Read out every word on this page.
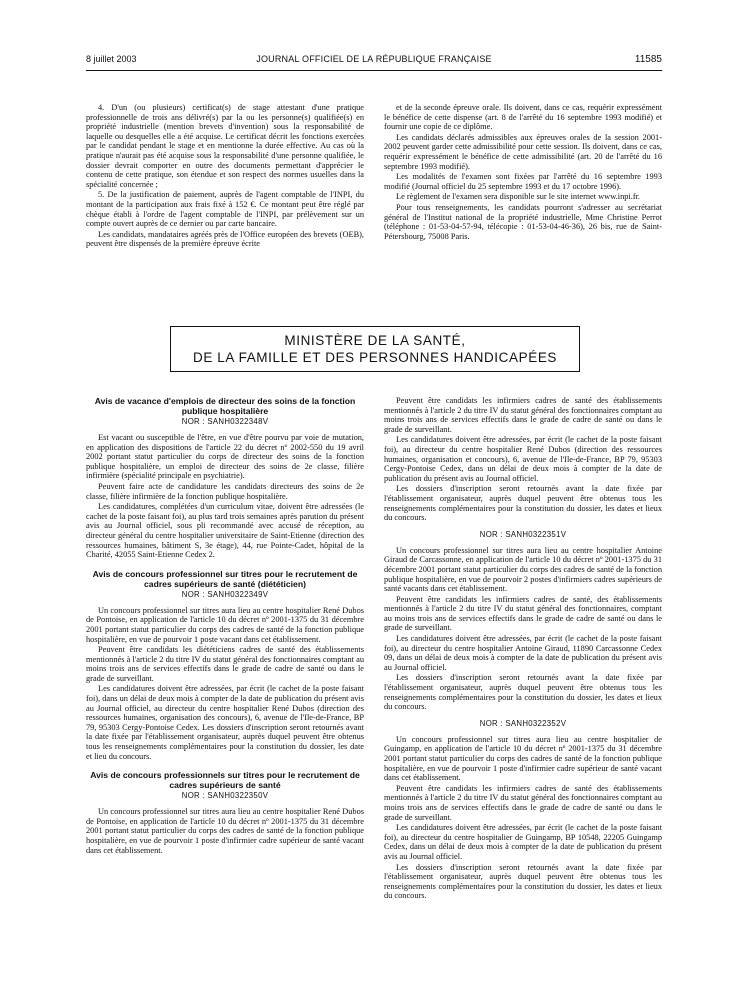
8 juillet 2003	JOURNAL OFFICIEL DE LA RÉPUBLIQUE FRANÇAISE	11585

4. D'un (ou plusieurs) certificat(s) de stage attestant d'une pratique professionnelle de trois ans délivré(s) par la ou les personne(s) qualifiée(s) en propriété industrielle (mention brevets d'invention) sous la responsabilité de laquelle ou desquelles elle a été acquise. Le certificat décrit les fonctions exercées par le candidat pendant le stage et en mentionne la durée effective. Au cas où la pratique n'aurait pas été acquise sous la responsabilité d'une personne qualifiée, le dossier devrait comporter en outre des documents permettant d'apprécier le contenu de cette pratique, son étendue et son respect des normes usuelles dans la spécialité concernée ;

5. De la justification de paiement, auprès de l'agent comptable de l'INPI, du montant de la participation aux frais fixé à 152 €. Ce montant peut être réglé par chèque établi à l'ordre de l'agent comptable de l'INPI, par prélèvement sur un compte ouvert auprès de ce dernier ou par carte bancaire.

Les candidats, mandataires agréés près de l'Office européen des brevets (OEB), peuvent être dispensés de la première épreuve écrite

et de la seconde épreuve orale. Ils doivent, dans ce cas, requérir expressément le bénéfice de cette dispense (art. 8 de l'arrêté du 16 septembre 1993 modifié) et fournir une copie de ce diplôme.

Les candidats déclarés admissibles aux épreuves orales de la session 2001-2002 peuvent garder cette admissibilité pour cette session. Ils doivent, dans ce cas, requérir expressément le bénéfice de cette admissibilité (art. 20 de l'arrêté du 16 septembre 1993 modifié).

Les modalités de l'examen sont fixées par l'arrêté du 16 septembre 1993 modifié (Journal officiel du 25 septembre 1993 et du 17 octobre 1996).

Le règlement de l'examen sera disponible sur le site internet www.inpi.fr.

Pour tous renseignements, les candidats pourront s'adresser au secrétariat général de l'Institut national de la propriété industrielle, Mme Christine Perrot (téléphone : 01-53-04-57-94, télécopie : 01-53-04-46-36), 26 bis, rue de Saint-Pétersbourg, 75008 Paris.

MINISTÈRE DE LA SANTÉ,
DE LA FAMILLE ET DES PERSONNES HANDICAPÉES
Avis de vacance d'emplois de directeur des soins de la fonction publique hospitalière
NOR : SANH0322348V

Est vacant ou susceptible de l'être, en vue d'être pourvu par voie de mutation, en application des dispositions de l'article 22 du décret nº 2002-550 du 19 avril 2002 portant statut particulier du corps de directeur des soins de la fonction publique hospitalière, un emploi de directeur des soins de 2e classe, filière infirmière (spécialité principale en psychiatrie).

Peuvent faire acte de candidature les candidats directeurs des soins de 2e classe, filière infirmière de la fonction publique hospitalière.

Les candidatures, complétées d'un curriculum vitae, doivent être adressées (le cachet de la poste faisant foi), au plus tard trois semaines après parution du présent avis au Journal officiel, sous pli recommandé avec accusé de réception, au directeur général du centre hospitalier universitaire de Saint-Etienne (direction des ressources humaines, bâtiment S, 3e étage), 44, rue Pointe-Cadet, hôpital de la Charité, 42055 Saint-Etienne Cedex 2.

Avis de concours professionnel sur titres pour le recrutement de cadres supérieurs de santé (diététicien)
NOR : SANH0322349V

Un concours professionnel sur titres aura lieu au centre hospitalier René Dubos de Pontoise, en application de l'article 10 du décret nº 2001-1375 du 31 décembre 2001 portant statut particulier du corps des cadres de santé de la fonction publique hospitalière, en vue de pourvoir 1 poste vacant dans cet établissement.

Peuvent être candidats les diététiciens cadres de santé des établissements mentionnés à l'article 2 du titre IV du statut général des fonctionnaires comptant au moins trois ans de services effectifs dans le grade de cadre de santé ou dans le grade de surveillant.

Les candidatures doivent être adressées, par écrit (le cachet de la poste faisant foi), dans un délai de deux mois à compter de la date de publication du présent avis au Journal officiel, au directeur du centre hospitalier René Dubos (direction des ressources humaines, organisation des concours), 6, avenue de l'Ile-de-France, BP 79, 95303 Cergy-Pontoise Cedex. Les dossiers d'inscription seront retournés avant la date fixée par l'établissement organisateur, auprès duquel peuvent être obtenus tous les renseignements complémentaires pour la constitution du dossier, les date et lieu du concours.

Avis de concours professionnels sur titres pour le recrutement de cadres supérieurs de santé
NOR : SANH0322350V

Un concours professionnel sur titres aura lieu au centre hospitalier René Dubos de Pontoise, en application de l'article 10 du décret nº 2001-1375 du 31 décembre 2001 portant statut particulier du corps des cadres de santé de la fonction publique hospitalière, en vue de pourvoir 1 poste d'infirmier cadre supérieur de santé vacant dans cet établissement.

Peuvent être candidats les infirmiers cadres de santé des établissements mentionnés à l'article 2 du titre IV du statut général des fonctionnaires comptant au moins trois ans de services effectifs dans le grade de cadre de santé ou dans le grade de surveillant.

Les candidatures doivent être adressées, par écrit (le cachet de la poste faisant foi), au directeur du centre hospitalier René Dubos (direction des ressources humaines, organisation et concours), 6, avenue de l'Ile-de-France, BP 79, 95303 Cergy-Pontoise Cedex, dans un délai de deux mois à compter de la date de publication du présent avis au Journal officiel.

Les dossiers d'inscription seront retournés avant la date fixée par l'établissement organisateur, auprès duquel peuvent être obtenus tous les renseignements complémentaires pour la constitution du dossier, les dates et lieux du concours.

NOR : SANH0322351V

Un concours professionnel sur titres aura lieu au centre hospitalier Antoine Giraud de Carcassonne, en application de l'article 10 du décret nº 2001-1375 du 31 décembre 2001 portant statut particulier du corps des cadres de santé de la fonction publique hospitalière, en vue de pourvoir 2 postes d'infirmiers cadres supérieurs de santé vacants dans cet établissement.

Peuvent être candidats les infirmiers cadres de santé, des établissements mentionnés à l'article 2 du titre IV du statut général des fonctionnaires, comptant au moins trois ans de services effectifs dans le grade de cadre de santé ou dans le grade de surveillant.

Les candidatures doivent être adressées, par écrit (le cachet de la poste faisant foi), au directeur du centre hospitalier Antoine Giraud, 11890 Carcassonne Cedex 09, dans un délai de deux mois à compter de la date de publication du présent avis au Journal officiel.

Les dossiers d'inscription seront retournés avant la date fixée par l'établissement organisateur, auprès duquel peuvent être obtenus tous les renseignements complémentaires pour la constitution du dossier, les dates et lieux du concours.

NOR : SANH0322352V

Un concours professionnel sur titres aura lieu au centre hospitalier de Guingamp, en application de l'article 10 du décret nº 2001-1375 du 31 décembre 2001 portant statut particulier du corps des cadres de santé de la fonction publique hospitalière, en vue de pourvoir 1 poste d'infirmier cadre supérieur de santé vacant dans cet établissement.

Peuvent être candidats les infirmiers cadres de santé des établissements mentionnés à l'article 2 du titre IV du statut général des fonctionnaires comptant au moins trois ans de services effectifs dans le grade de cadre de santé ou dans le grade de surveillant.

Les candidatures doivent être adressées, par écrit (le cachet de la poste faisant foi), au directeur du centre hospitalier de Guingamp, BP 10548, 22205 Guingamp Cedex, dans un délai de deux mois à compter de la date de publication du présent avis au Journal officiel.

Les dossiers d'inscription seront retournés avant la date fixée par l'établissement organisateur, auprès duquel peuvent être obtenus tous les renseignements complémentaires pour la constitution du dossier, les dates et lieux du concours.
